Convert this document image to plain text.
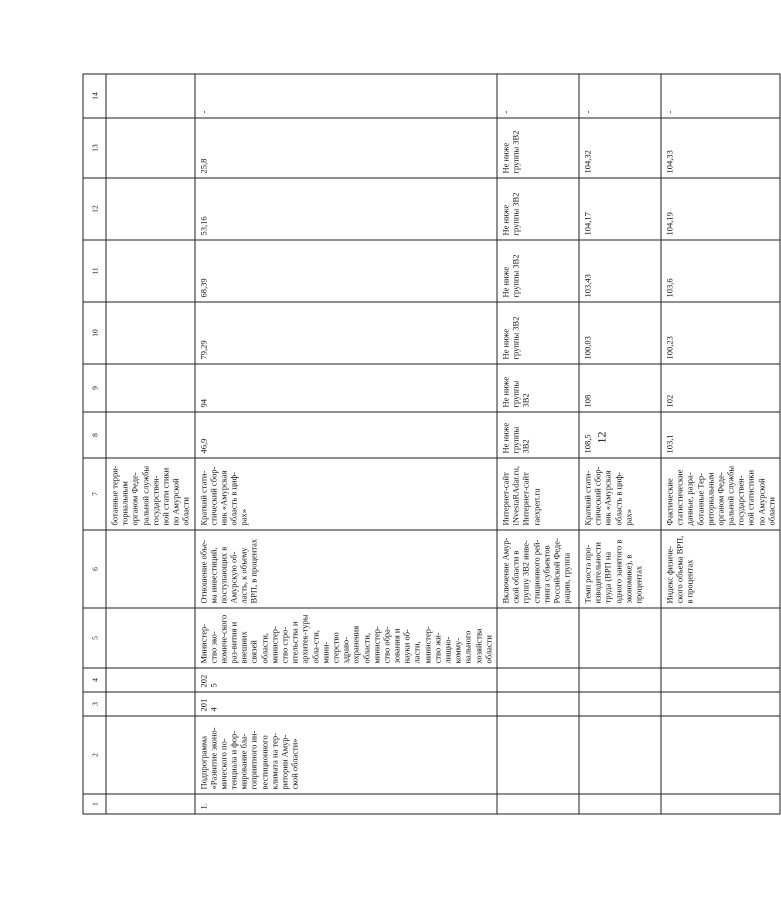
12
1	2	3	4	5	6	7	8	9	10	11	12	13	14
						ботанные терри-ториальным органом Феде-ральной службы государствен-ной стати стики по Амурской области							
1.	Подпрограмма «Развитие эконо-мического по-тенциала и фор-мирование бла-гоприятного ин-вестиционного климата на тер-ритории Амур-ской области»	2014	2025	Министер-ство эко-номиче-ского раз-вития и внешних связей области, министер-ство стро-ительства и архитек-туры обла-сти, мини-стерство здраво-охранения области, министер-ство обра-зования и науки об-ласти, министер-ство жи-лищно-комму-нального хозяйства области	Отношение объе-ма инвестиций, поступающих в Амурскую об-ласть, к объему ВРП, в процентах	Краткий стати-стический сбор-ник «Амурская область в циф-рах»	46,9	94	79,29	68,39	53,16	25,8	-
					Включение Амур-ской области в группу 3В2 инве-стиционного рей-тинга субъектов Российской Феде-рации, группа	Интернет-сайт iNvestaRAdar.ru, Интернет-сайт raexpert.ru	Не ниже группы 3В2	Не ниже группы 3В2	Не ниже группы 3В2	Не ниже группы 3В2	Не ниже группы 3В2	Не ниже группы 3В2	-
					Темп роста про-изводительности труда (ВРП на одного занятого в экономике), в процентах	Краткий стати-стический сбор-ник «Амурская область в циф-рах»	108,5	108	100,03	103,43	104,17	104,32	-
					Индекс физиче-ского объема ВРП, в процентах	Фактические статистические данные, разра-ботанные Тер-риториальным органом Феде-ральной службы государствен-ной статистики по Амурской области	103,1	102	100,23	103,6	104,19	104,33	-
